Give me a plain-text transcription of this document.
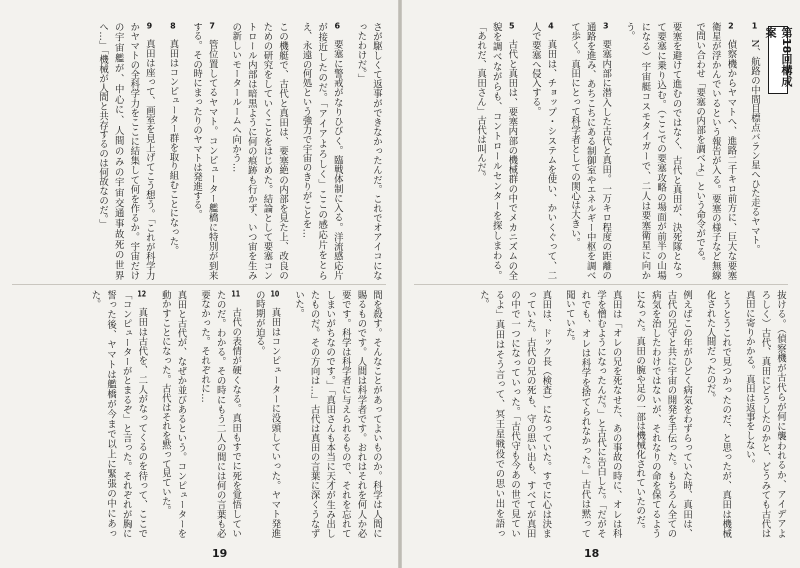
さが駆しくて返事ができなかったんだ。これでオアイコになったわけだ。」
6　要塞に警戒がなりひびく。臨戦体制に入る。洋流感応片が接近したのだ。「アイアよろしく」ここの感応片をとらえ、永遠の何処という強力で宇宙のきりがことを…
この機艇で、古代と真田は、要塞絶の内部を見た上、改良のための研究をしていくことをはじめた。結論として要塞コントロール内部は暗黒ように何の痕跡も行かず、いつ宙を生みの新しいモータールームへ向かう…
7　管位置してるヤマト。コンピューター艦橋に特別が到来する。その時にまったりのヤマトは発進する。
8　真田はコンピューター群を取り組むことになった。
9　真田は座って、画室を見上げてこう想う。「これが科学力かヤマトの全科学力をここに結集して何を作るか。宇宙だけの宇宙艦が、中心に、人間のみの宇宙交通事故死の世界へ…」「機械が人間と共存するのは何故なのだ。」
間を殺す。そんなことがあってよいものか。科学は人間に賜るものです。人間は科学者です。おれはそれを何人か必要です。科学は科学者に与えられるもので、それを忘れてしまいがちなのです。」「真田さんも本当に天才が生み出したものだ。その方向は…」古代は真田の言葉に深くうなずいた。
10　真田はコンピューターに没頭していった。ヤマト発進の時期が迫る。
11　古代の表情が硬くなる。真田もすでに死を覚悟していたのだ。わかる。その時にもう二人の間には何の言葉も必要なかった。それぞれに…
真田と古代が、なぜか並びあるという。コンピューターを動かすことになった。古代はそれを黙って見ていた。
12　真田は古代を、二人がなってくるのを待って、ここで「コンピューターがとまるぞ」と言った。それぞれが胸に誓った後、ヤマトは艦橋が今まで以上に緊張の中にあった。
19
第18回構成案
1　N、航路の中間目標点バラン星へひた走るヤマト。
2　偵察機からヤマトへ、進路二千キロ前方に、巨大な要塞衛星が浮かんでいるという報告が入る。要塞の様子など無線で問い合わせ「要塞の内部を調べよ」という命令がでる。
要塞を避けて進むのではなく、古代と真田が、決死隊となって要塞に乗り込む。（ここでの要塞攻略の場面が前半の山場になる）宇宙艇コスモタイガーで、二人は要塞衛星に向かう。
3　要塞内部に潜入した古代と真田。一万キロ程度の距離の通路を進み、あちこちにある制御室やエネルギー中枢を調べて歩く。真田にとって科学者としての関心は大きい。
4　真田は、チョップ・システムを使い、かいくぐって、二人で要塞へ侵入する。
5　古代と真田は、要塞内部の機械群の中でメカニズムの全貌を調べながらも、コントロールセンターを探しまわる。「あれだ、真田さん」古代は叫んだ。
抜ける。（偵察機が古代らが何に襲われるか、アイデアよろしく）古代、真田にどうしたのかと、どうみても古代は真田に寄りかかる。真田は返事をしない。
とうとうこれで見つかったのだ、と思ったが、真田は機械化された人間だったのだ。
例えばこの年がひどく病気をわずらっていた時、真田は、古代の兄守と共に宇宙の開発を手伝った。もちろん全ての病気を治したわけではないが、それなりの命を保てるようになった。真田の腕や足の一部は機械化されていたのだ。
真田は「オレの兄を死なせた、あの事故の時に、オレは科学を憎むようになったんだ。」と古代に告白した。「だがそれでも、オレは科学を捨てられなかった。」古代は黙って聞いていた。
真田は、ドック長（検査）になっていた。すでに心は決まっていた。古代の兄の死も、守の思い出も、すべてが真田の中で一つになっていった。「古代守も今あの世で見ているよ」真田はそう言って、冥王星戦役での思い出を語った。
18
